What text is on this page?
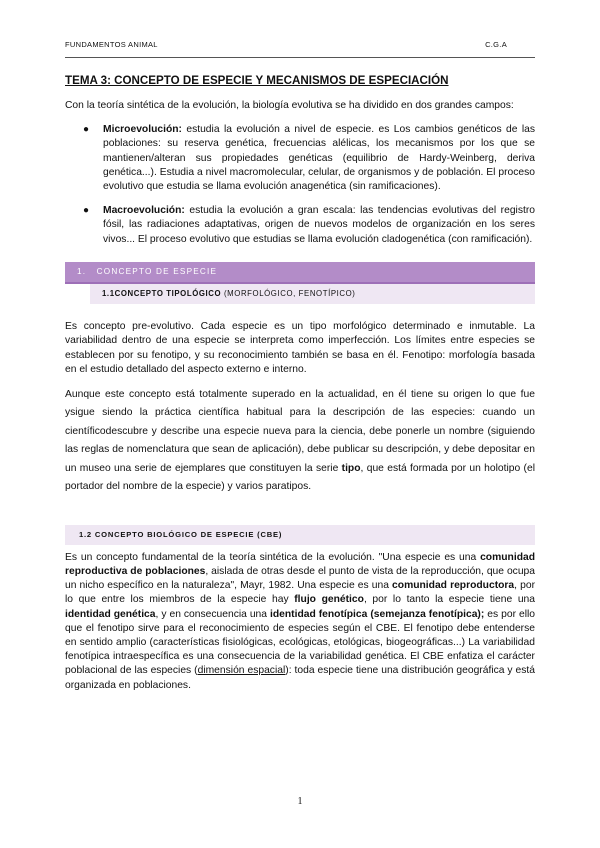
FUNDAMENTOS ANIMAL	C.G.A
TEMA 3: CONCEPTO DE ESPECIE Y MECANISMOS DE ESPECIACIÓN

Con la teoría sintética de la evolución, la biología evolutiva se ha dividido en dos grandes campos:

● Microevolución: estudia la evolución a nivel de especie. es Los cambios genéticos de las poblaciones: su reserva genética, frecuencias alélicas, los mecanismos por los que se mantienen/alteran sus propiedades genéticas (equilibrio de Hardy-Weinberg, deriva genética...). Estudia a nivel macromolecular, celular, de organismos y de población. El proceso evolutivo que estudia se llama evolución anagenética (sin ramificaciones).
● Macroevolución: estudia la evolución a gran escala: las tendencias evolutivas del registro fósil, las radiaciones adaptativas, origen de nuevos modelos de organización en los seres vivos... El proceso evolutivo que estudias se llama evolución cladogenética (con ramificación).
1. CONCEPTO DE ESPECIE
1.1CONCEPTO TIPOLÓGICO (MORFOLÓGICO, FENOTÍPICO)

Es concepto pre-evolutivo. Cada especie es un tipo morfológico determinado e inmutable. La variabilidad dentro de una especie se interpreta como imperfección. Los límites entre especies se establecen por su fenotipo, y su reconocimiento también se basa en él. Fenotipo: morfología basada en el estudio detallado del aspecto externo e interno.

Aunque este concepto está totalmente superado en la actualidad, en él tiene su origen lo que fue ysigue siendo la práctica científica habitual para la descripción de las especies: cuando un científicodescubre y describe una especie nueva para la ciencia, debe ponerle un nombre (siguiendo las reglas de nomenclatura que sean de aplicación), debe publicar su descripción, y debe depositar en un museo una serie de ejemplares que constituyen la serie tipo, que está formada por un holotipo (el portador del nombre de la especie) y varios paratipos.

1.2 CONCEPTO BIOLÓGICO DE ESPECIE (CBE)

Es un concepto fundamental de la teoría sintética de la evolución. "Una especie es una comunidad reproductiva de poblaciones, aislada de otras desde el punto de vista de la reproducción, que ocupa un nicho específico en la naturaleza", Mayr, 1982. Una especie es una comunidad reproductora, por lo que entre los miembros de la especie hay flujo genético, por lo tanto la especie tiene una identidad genética, y en consecuencia una identidad fenotípica (semejanza fenotípica); es por ello que el fenotipo sirve para el reconocimiento de especies según el CBE. El fenotipo debe entenderse en sentido amplio (características fisiológicas, ecológicas, etológicas, biogeográficas...) La variabilidad fenotípica intraespecífica es una consecuencia de la variabilidad genética. El CBE enfatiza el carácter poblacional de las especies (dimensión espacial): toda especie tiene una distribución geográfica y está organizada en poblaciones.

1
